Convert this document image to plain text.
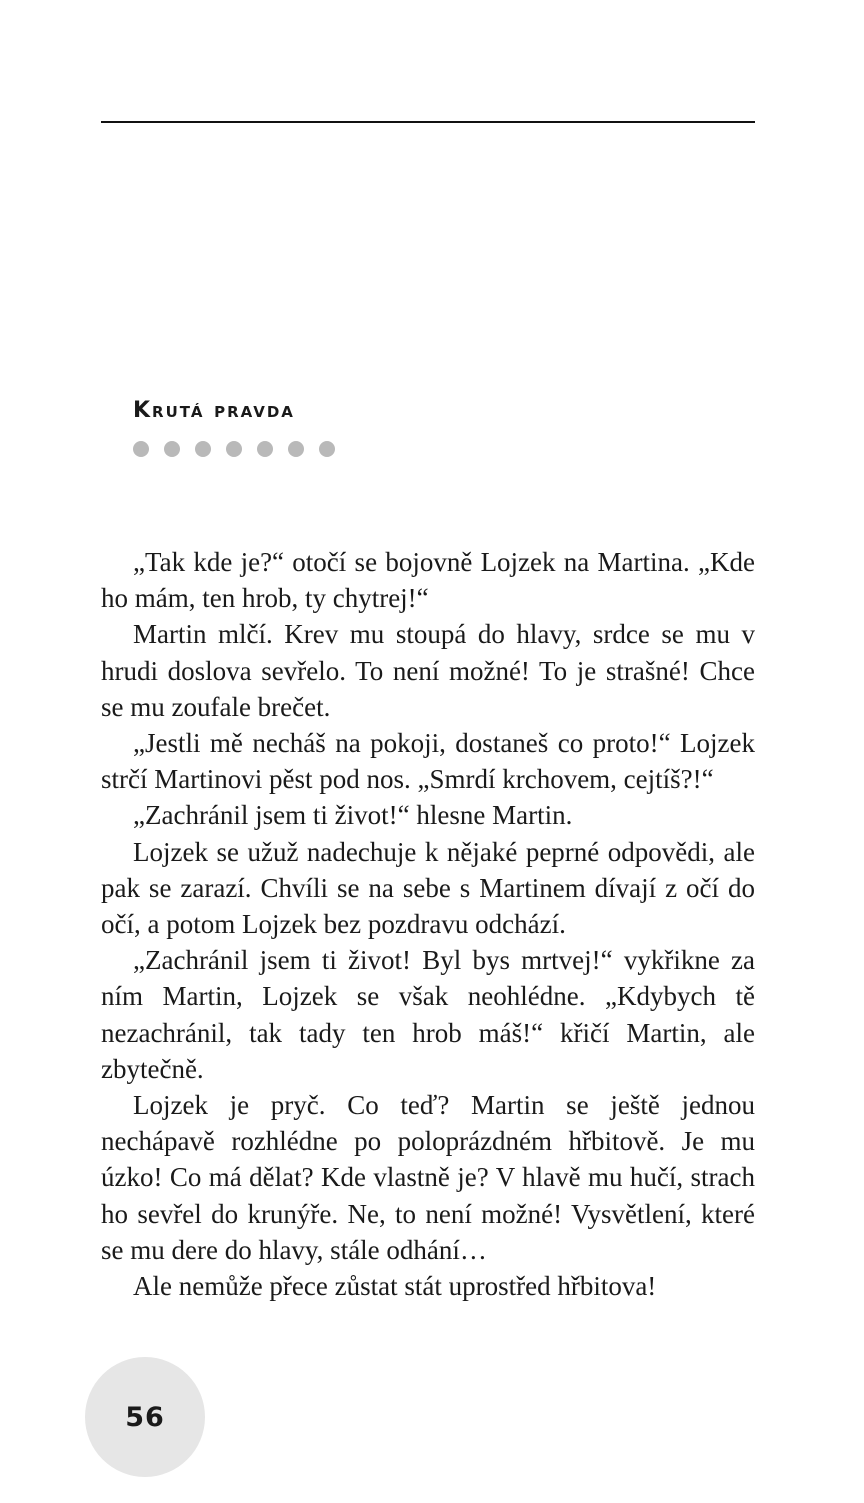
Krutá pravda

„Tak kde je?“ otočí se bojovně Lojzek na Martina. „Kde ho mám, ten hrob, ty chytrej!“

Martin mlčí. Krev mu stoupá do hlavy, srdce se mu v hrudi doslova sevřelo. To není možné! To je strašné! Chce se mu zoufale brečet.

„Jestli mě necháš na pokoji, dostaneš co proto!“ Lojzek strčí Martinovi pěst pod nos. „Smrdí krchovem, cejtíš?!“

„Zachránil jsem ti život!“ hlesne Martin.

Lojzek se užuž nadechuje k nějaké peprné odpovědi, ale pak se zarazí. Chvíli se na sebe s Martinem dívají z očí do očí, a potom Lojzek bez pozdravu odchází.

„Zachránil jsem ti život! Byl bys mrtvej!“ vykřikne za ním Martin, Lojzek se však neohlédne. „Kdybych tě nezachránil, tak tady ten hrob máš!“ křičí Martin, ale zbytečně.

Lojzek je pryč. Co teď? Martin se ještě jednou nechápavě rozhlédne po poloprázdném hřbitově. Je mu úzko! Co má dělat? Kde vlastně je? V hlavě mu hučí, strach ho sevřel do krunýře. Ne, to není možné! Vysvětlení, které se mu dere do hlavy, stále odhání…

Ale nemůže přece zůstat stát uprostřed hřbitova!

56
